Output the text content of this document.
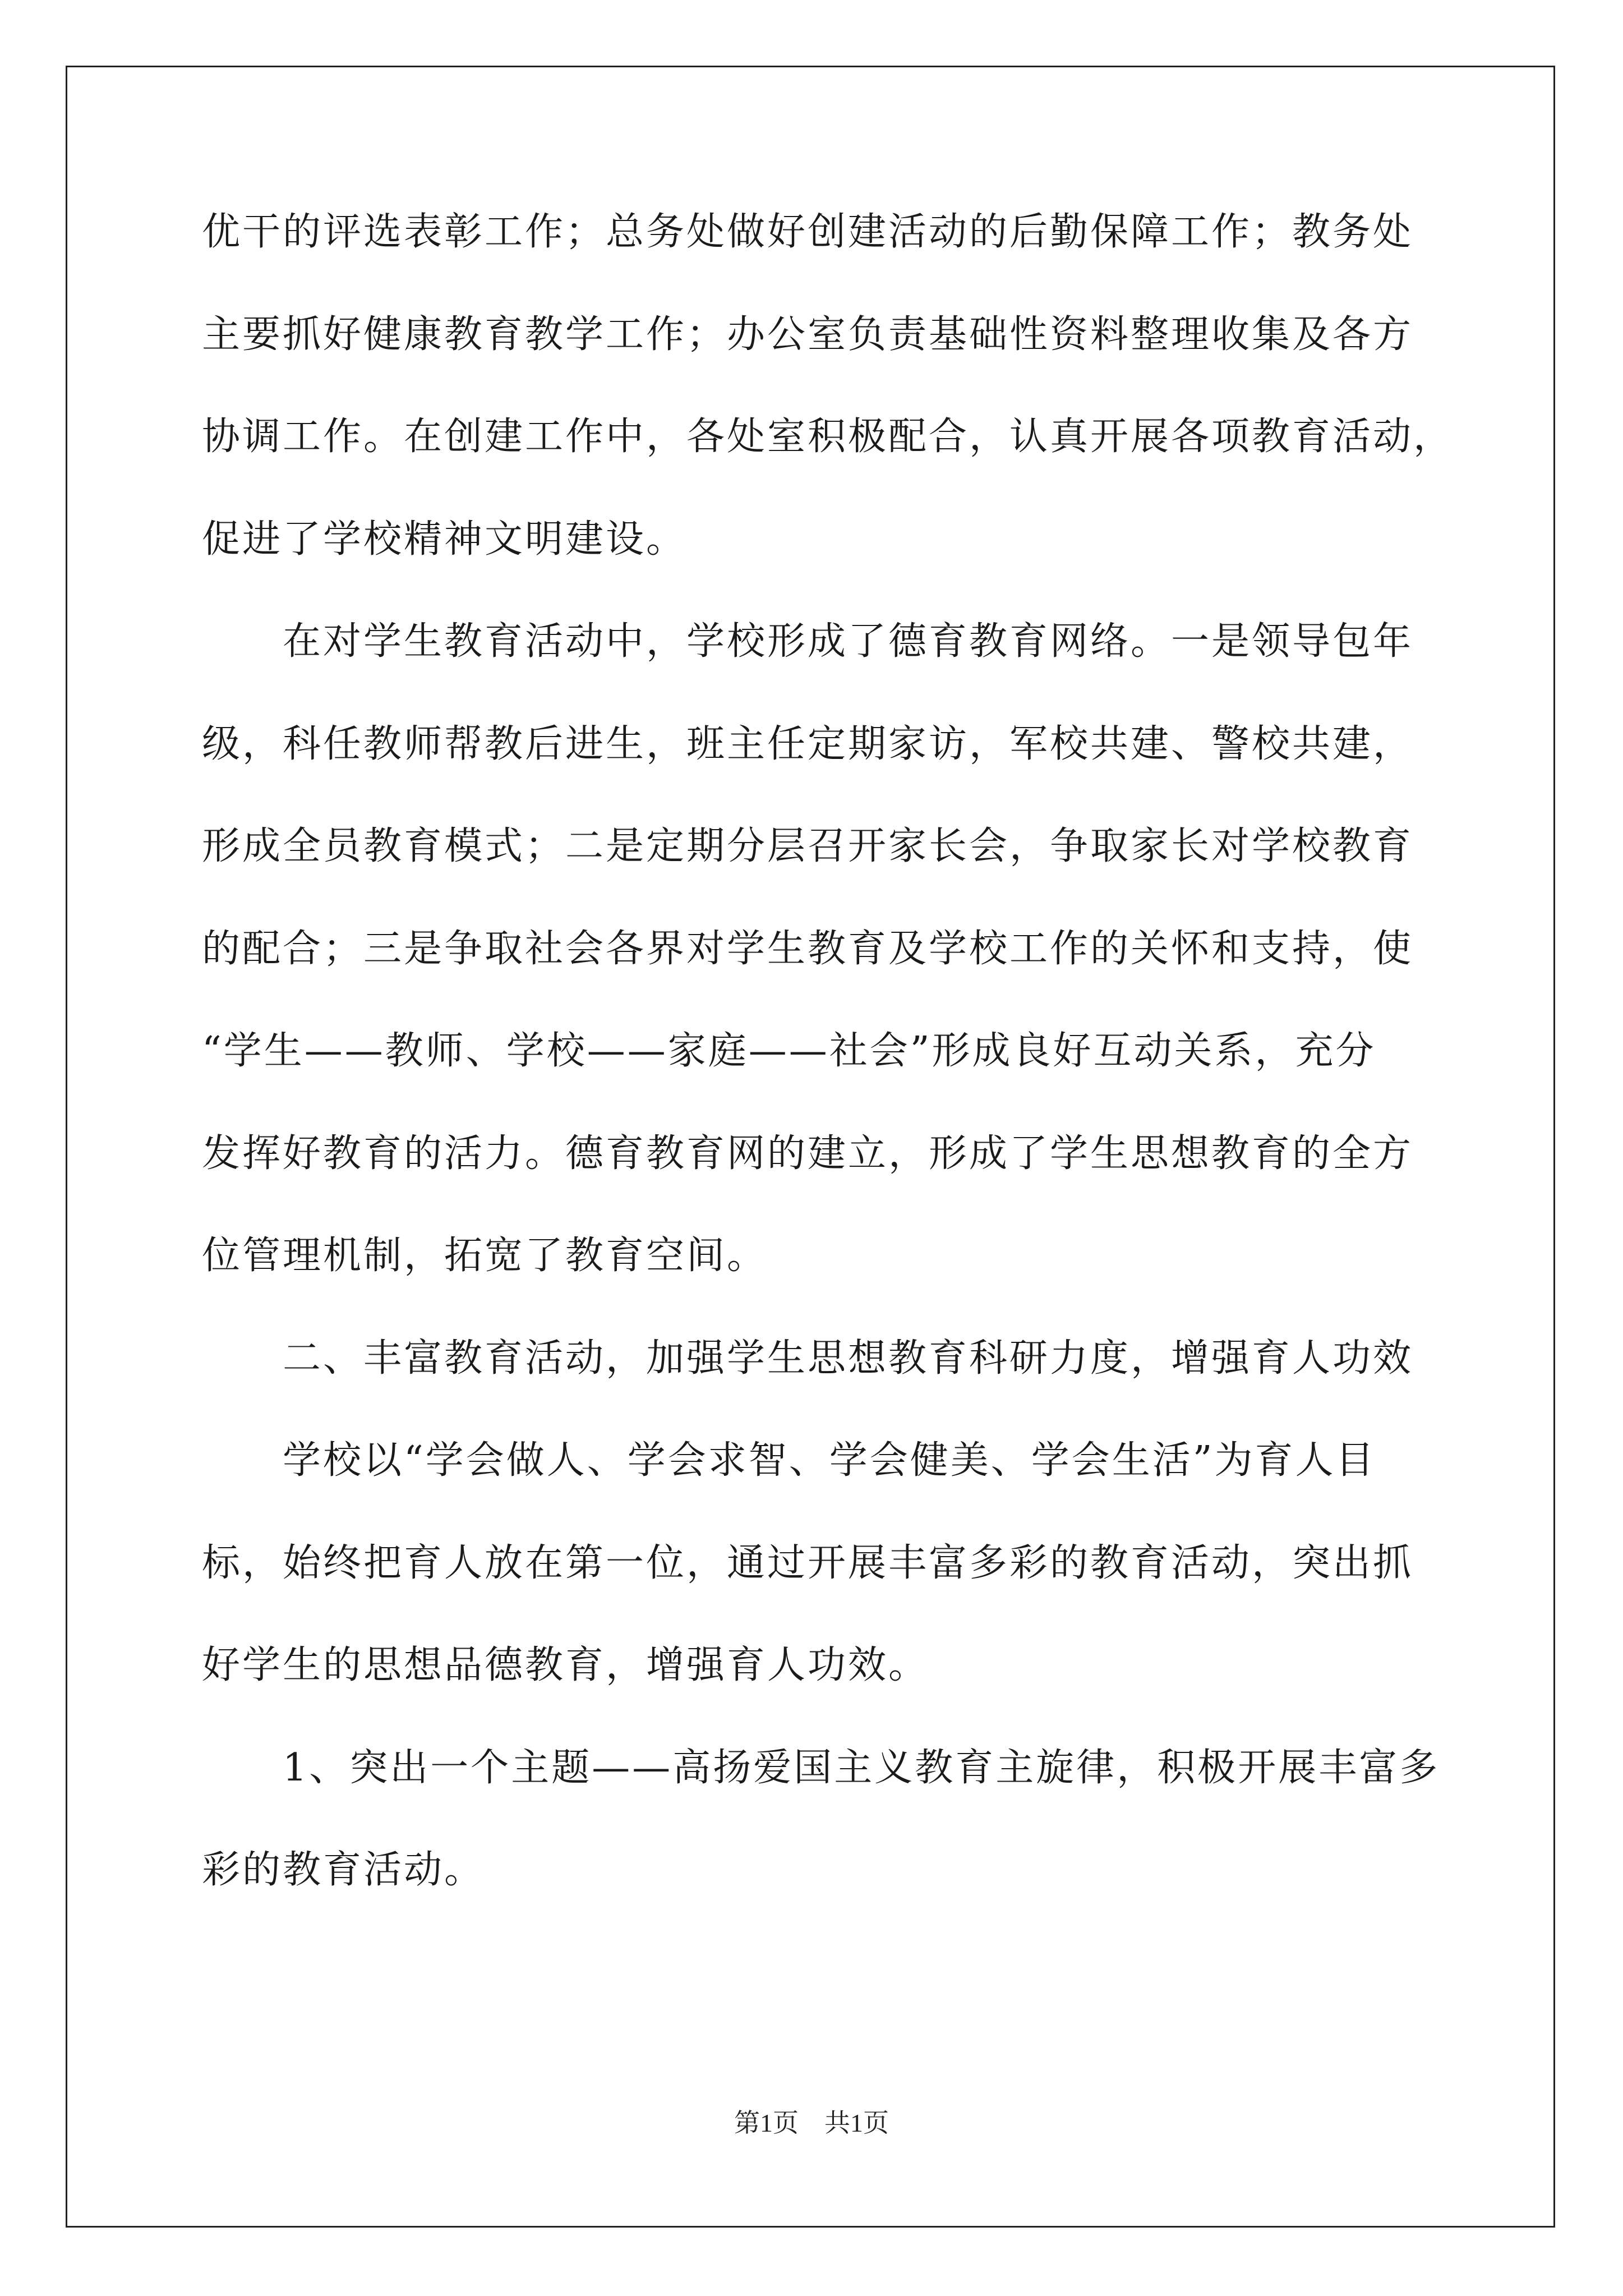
优干的评选表彰工作；总务处做好创建活动的后勤保障工作；教务处
主要抓好健康教育教学工作；办公室负责基础性资料整理收集及各方
协调工作。在创建工作中，各处室积极配合，认真开展各项教育活动，
促进了学校精神文明建设。
　　在对学生教育活动中，学校形成了德育教育网络。一是领导包年
级，科任教师帮教后进生，班主任定期家访，军校共建、警校共建，
形成全员教育模式；二是定期分层召开家长会，争取家长对学校教育
的配合；三是争取社会各界对学生教育及学校工作的关怀和支持，使
“学生——教师、学校——家庭——社会”形成良好互动关系，充分
发挥好教育的活力。德育教育网的建立，形成了学生思想教育的全方
位管理机制，拓宽了教育空间。
　　二、丰富教育活动，加强学生思想教育科研力度，增强育人功效
　　学校以“学会做人、学会求智、学会健美、学会生活”为育人目
标，始终把育人放在第一位，通过开展丰富多彩的教育活动，突出抓
好学生的思想品德教育，增强育人功效。
　　1、突出一个主题——高扬爱国主义教育主旋律，积极开展丰富多
彩的教育活动。
第1页　共1页
